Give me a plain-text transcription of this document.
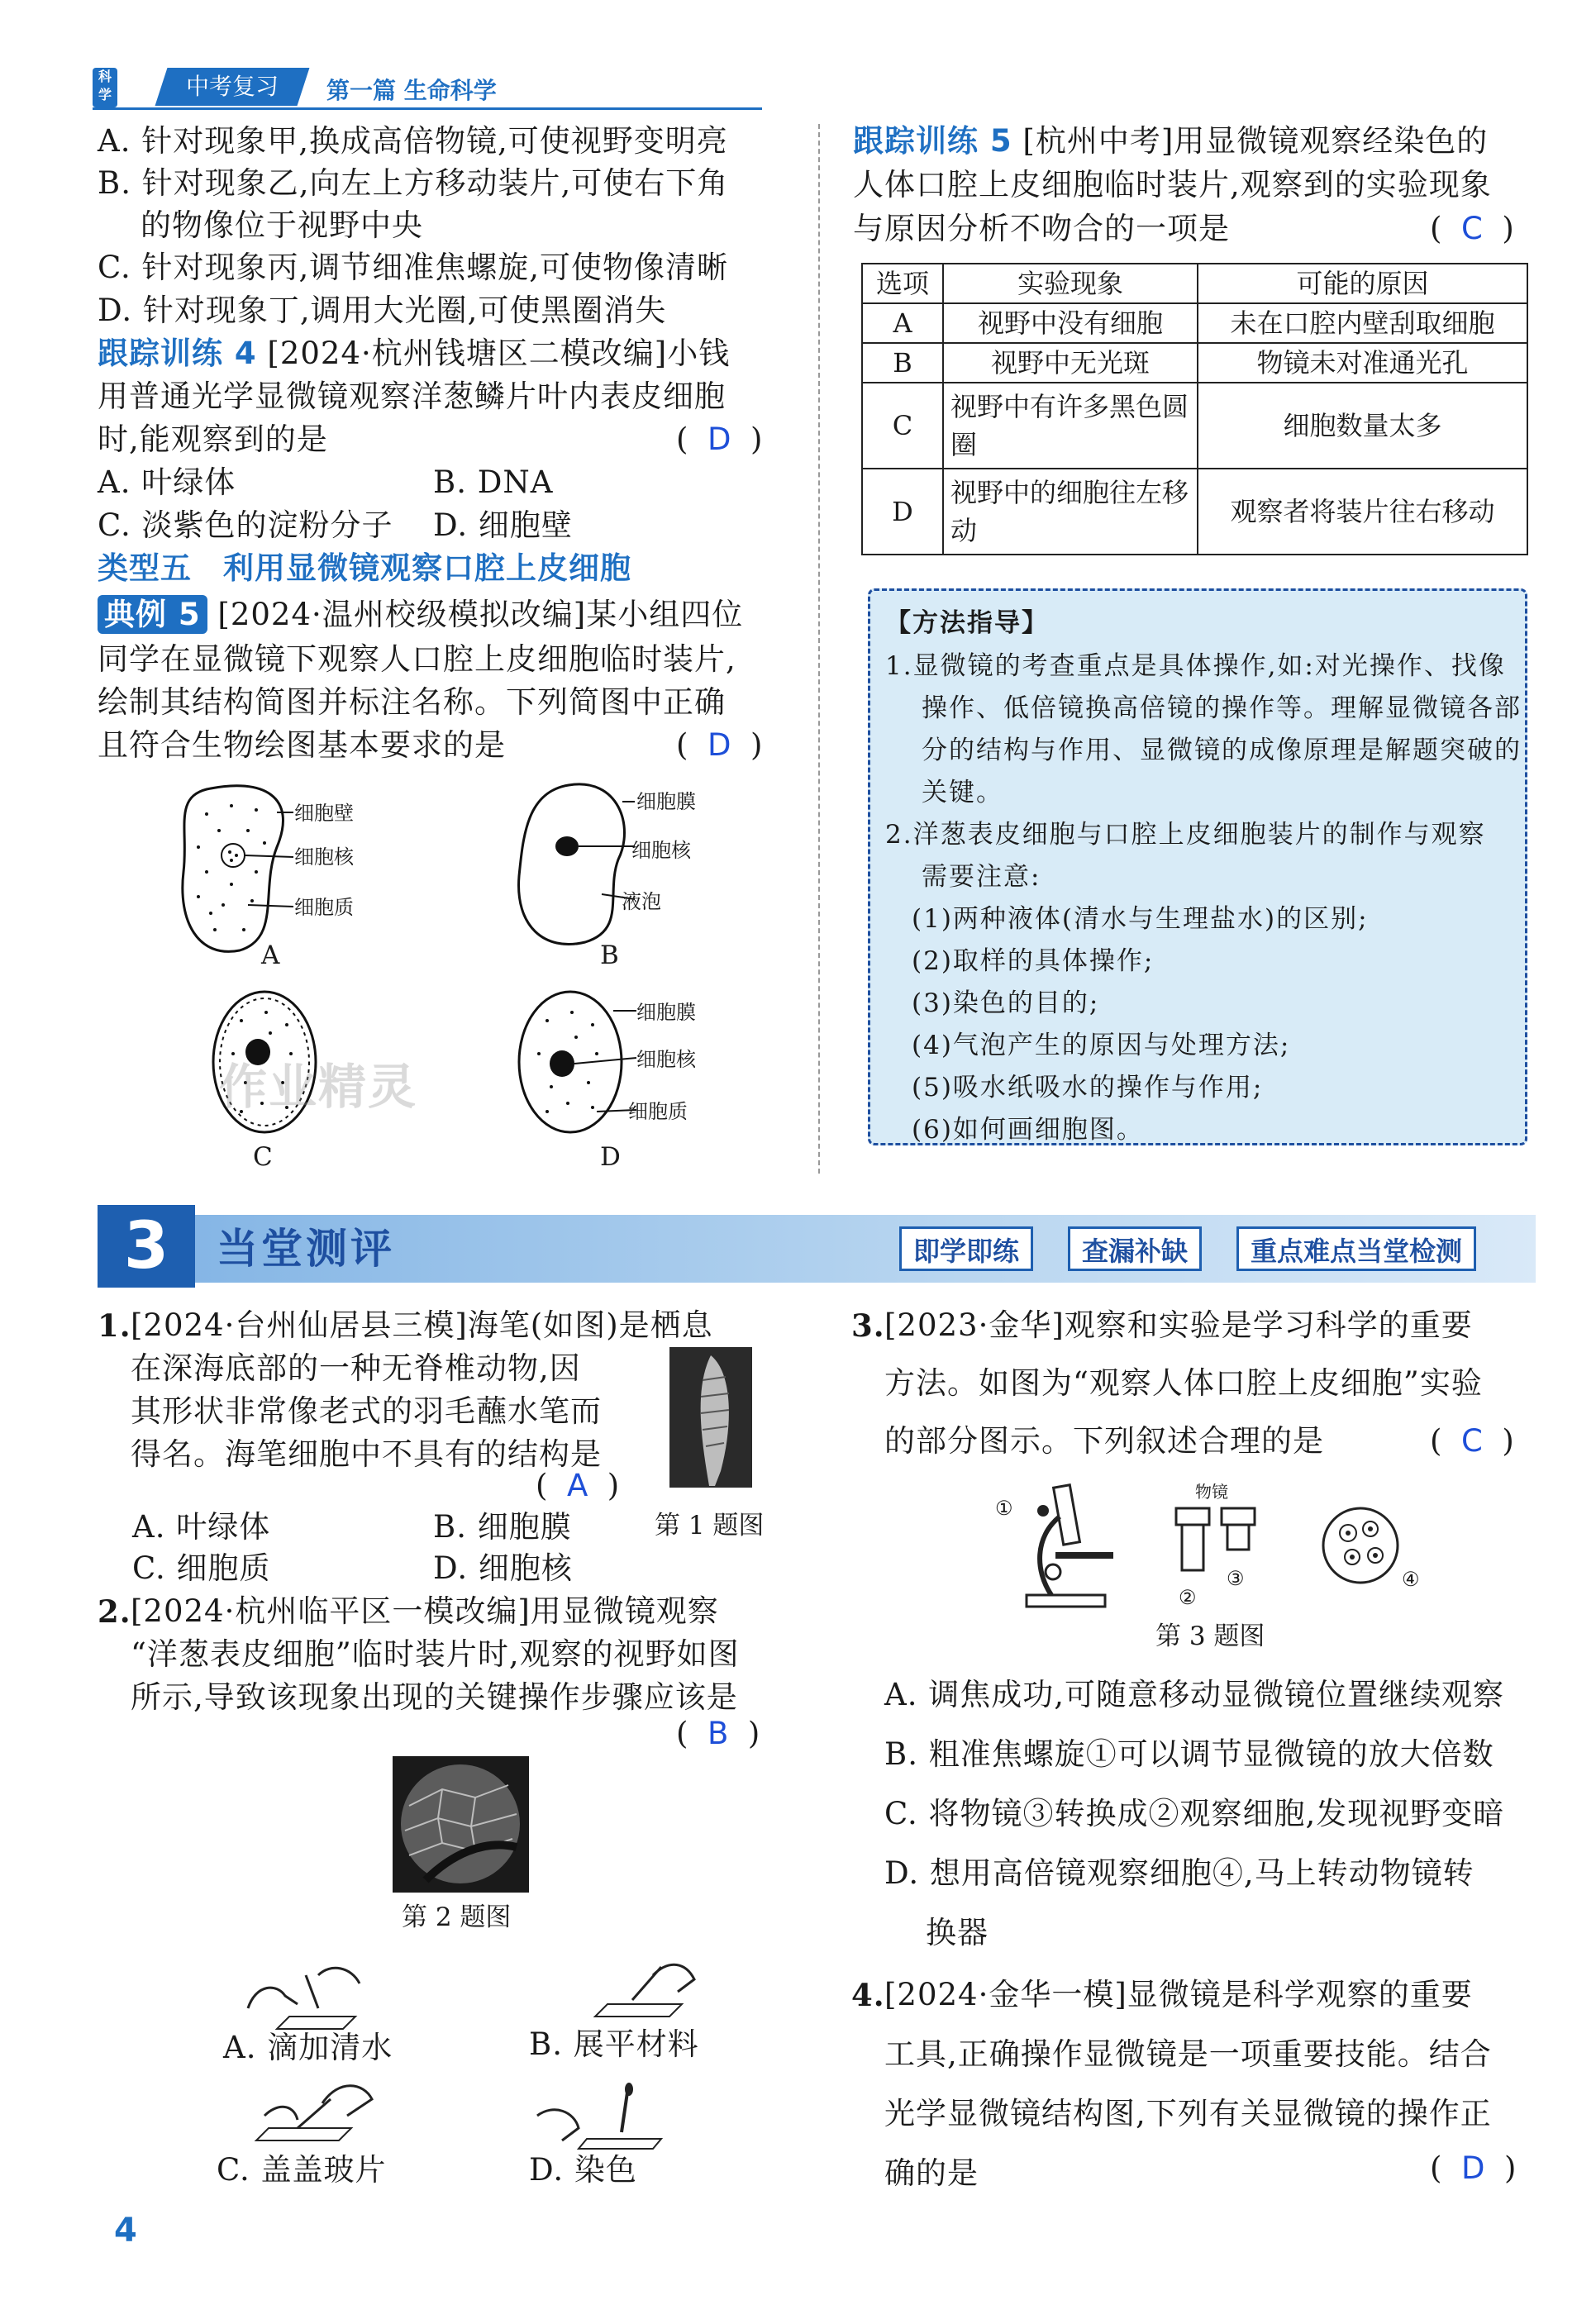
科学	中考复习	第一篇 生命科学
A. 针对现象甲,换成高倍物镜,可使视野变明亮
B. 针对现象乙,向左上方移动装片,可使右下角
的物像位于视野中央
C. 针对现象丙,调节细准焦螺旋,可使物像清晰
D. 针对现象丁,调用大光圈,可使黑圈消失
跟踪训练 4 [2024·杭州钱塘区二模改编]小钱
用普通光学显微镜观察洋葱鳞片叶内表皮细胞
时,能观察到的是	(  D  )
A. 叶绿体	B. DNA
C. 淡紫色的淀粉分子 D. 细胞壁
类型五　利用显微镜观察口腔上皮细胞
典例 5 [2024·温州校级模拟改编]某小组四位
同学在显微镜下观察人口腔上皮细胞临时装片,
绘制其结构简图并标注名称。下列简图中正确
且符合生物绘图基本要求的是	(  D  )
细胞壁
细胞核
细胞质
A
细胞膜
细胞核
液泡
B
C
作业精灵
细胞膜
细胞核
细胞质
D
跟踪训练 5 [杭州中考]用显微镜观察经染色的
人体口腔上皮细胞临时装片,观察到的实验现象
与原因分析不吻合的一项是	(  C  )
选项	实验现象	可能的原因
A	视野中没有细胞	未在口腔内壁刮取细胞
B	视野中无光斑	物镜未对准通光孔
C	视野中有许多黑色圆圈	细胞数量太多
D	视野中的细胞往左移动	观察者将装片往右移动
【方法指导】
1.显微镜的考查重点是具体操作,如:对光操作、找像
操作、低倍镜换高倍镜的操作等。理解显微镜各部
分的结构与作用、显微镜的成像原理是解题突破的
关键。
2.洋葱表皮细胞与口腔上皮细胞装片的制作与观察
需要注意:
(1)两种液体(清水与生理盐水)的区别;
(2)取样的具体操作;
(3)染色的目的;
(4)气泡产生的原因与处理方法;
(5)吸水纸吸水的操作与作用;
(6)如何画细胞图。
3	当堂测评	即学即练	查漏补缺	重点难点当堂检测
1. [2024·台州仙居县三模]海笔(如图)是栖息
在深海底部的一种无脊椎动物,因
其形状非常像老式的羽毛蘸水笔而
得名。海笔细胞中不具有的结构是
(  A  )
A. 叶绿体	B. 细胞膜	第 1 题图
C. 细胞质	D. 细胞核
2. [2024·杭州临平区一模改编]用显微镜观察
“洋葱表皮细胞”临时装片时,观察的视野如图
所示,导致该现象出现的关键操作步骤应该是
(  B  )
第 2 题图
A. 滴加清水	B. 展平材料
C. 盖盖玻片	D. 染色
3. [2023·金华]观察和实验是学习科学的重要
方法。如图为“观察人体口腔上皮细胞”实验
的部分图示。下列叙述合理的是	(  C  )
①
物镜
②
③	④
第 3 题图
A. 调焦成功,可随意移动显微镜位置继续观察
B. 粗准焦螺旋①可以调节显微镜的放大倍数
C. 将物镜③转换成②观察细胞,发现视野变暗
D. 想用高倍镜观察细胞④,马上转动物镜转
换器
4. [2024·金华一模]显微镜是科学观察的重要
工具,正确操作显微镜是一项重要技能。结合
光学显微镜结构图,下列有关显微镜的操作正
确的是	(  D  )
4
